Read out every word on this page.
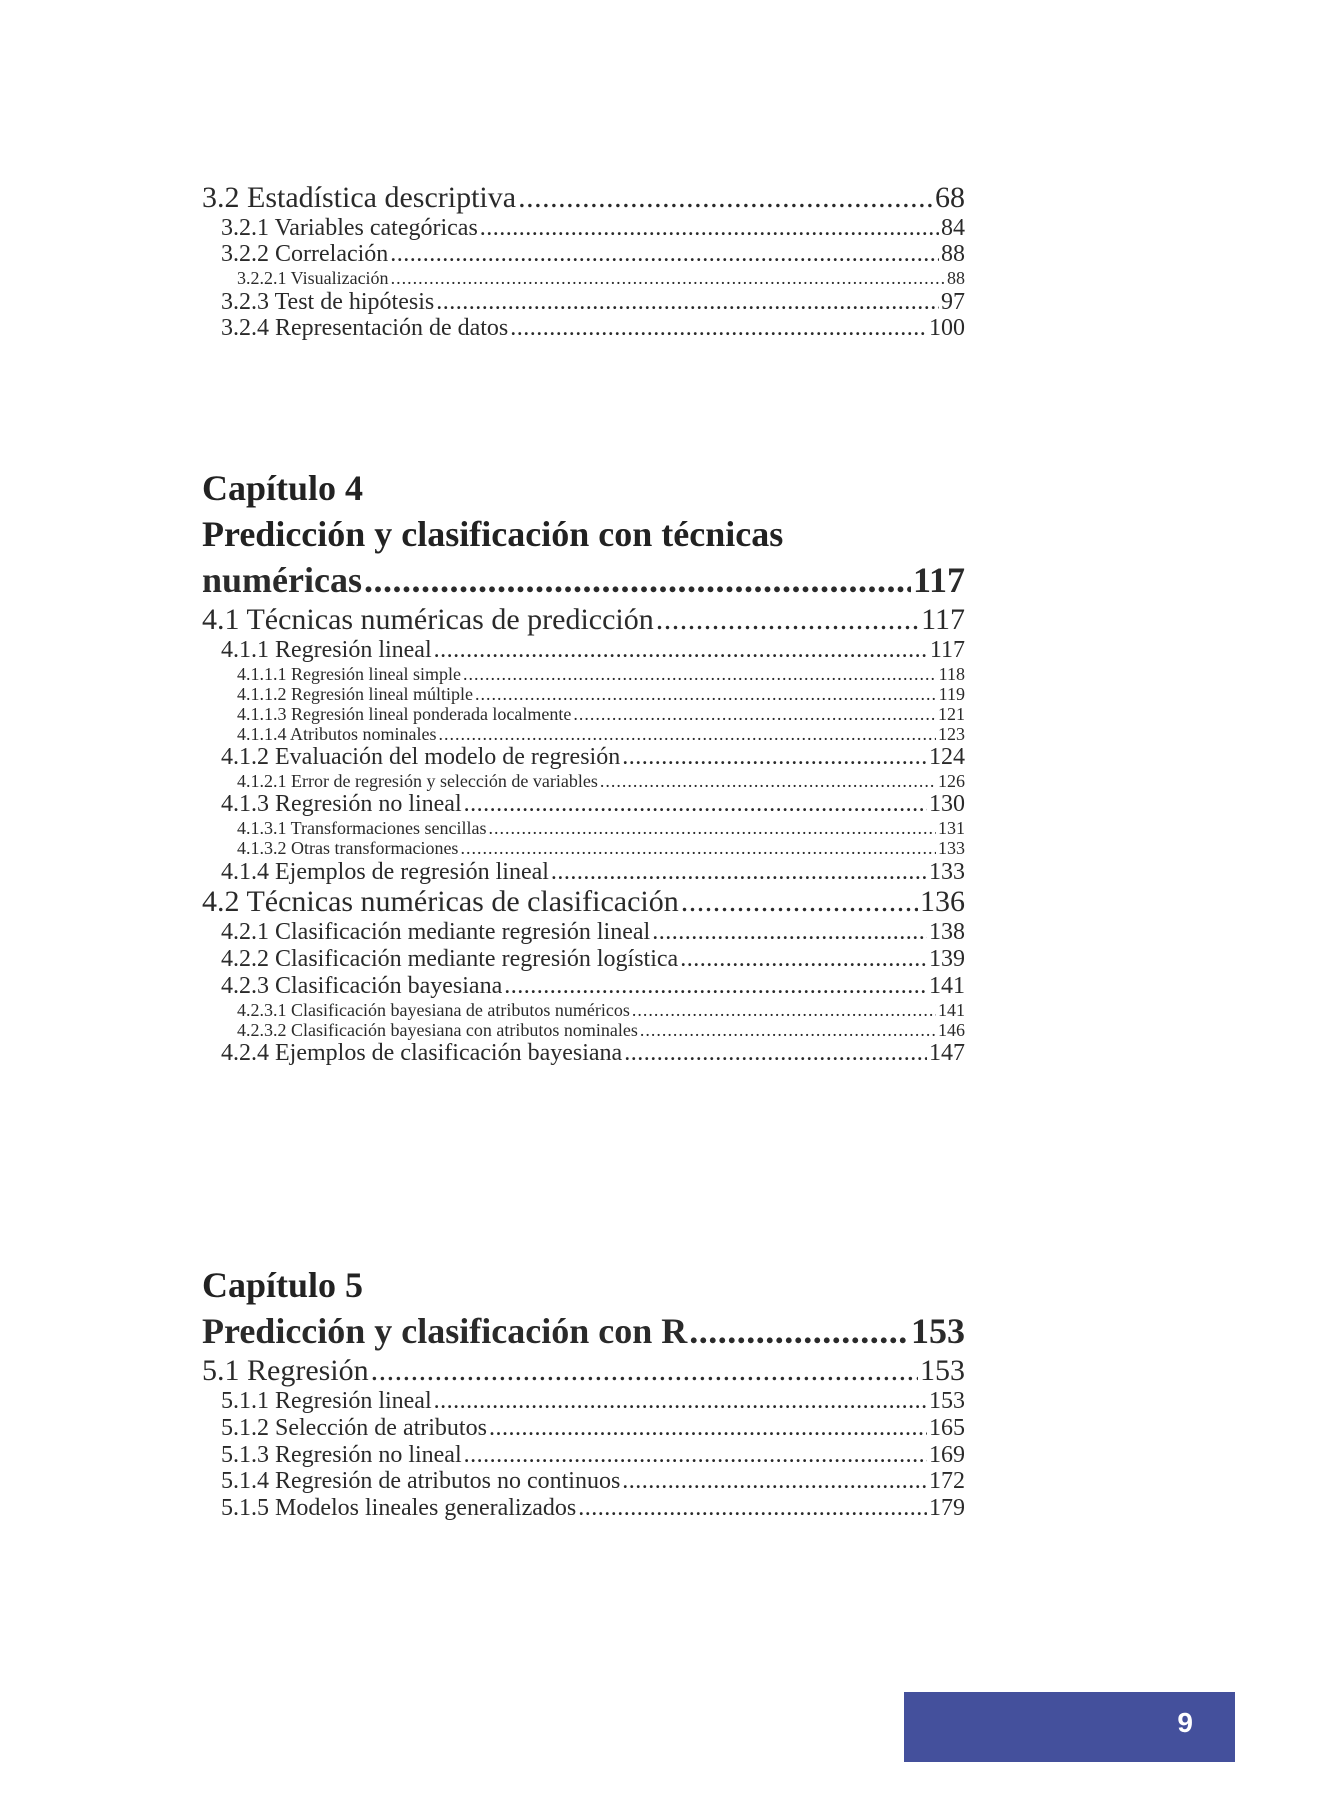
3.2 Estadística descriptiva .....	68
3.2.1 Variables categóricas .....	84
3.2.2 Correlación .....	88
3.2.2.1 Visualización .....	88
3.2.3 Test de hipótesis .....	97
3.2.4 Representación de datos .....	100
Capítulo 4
Predicción y clasificación con técnicas
numéricas .....	117
4.1 Técnicas numéricas de predicción .....	117
4.1.1 Regresión lineal .....	117
4.1.1.1 Regresión lineal simple .....	118
4.1.1.2 Regresión lineal múltiple .....	119
4.1.1.3 Regresión lineal ponderada localmente .....	121
4.1.1.4 Atributos nominales .....	123
4.1.2 Evaluación del modelo de regresión .....	124
4.1.2.1 Error de regresión y selección de variables .....	126
4.1.3 Regresión no lineal .....	130
4.1.3.1 Transformaciones sencillas .....	131
4.1.3.2 Otras transformaciones .....	133
4.1.4 Ejemplos de regresión lineal .....	133
4.2 Técnicas numéricas de clasificación .....	136
4.2.1 Clasificación mediante regresión lineal .....	138
4.2.2 Clasificación mediante regresión logística .....	139
4.2.3 Clasificación bayesiana .....	141
4.2.3.1 Clasificación bayesiana de atributos numéricos .....	141
4.2.3.2 Clasificación bayesiana con atributos nominales .....	146
4.2.4 Ejemplos de clasificación bayesiana .....	147
Capítulo 5
Predicción y clasificación con R .....	153
5.1 Regresión .....	153
5.1.1 Regresión lineal .....	153
5.1.2 Selección de atributos .....	165
5.1.3 Regresión no lineal .....	169
5.1.4 Regresión de atributos no continuos .....	172
5.1.5 Modelos lineales generalizados .....	179
9
